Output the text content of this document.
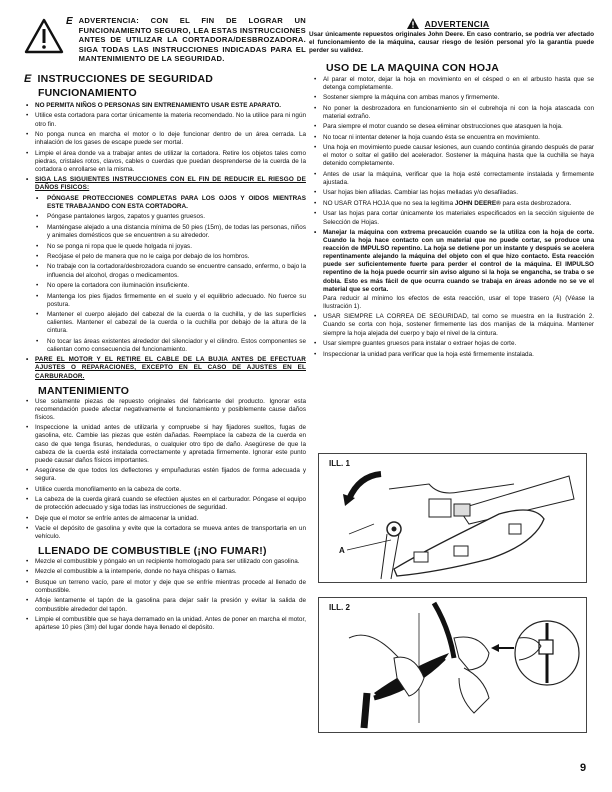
E ADVERTENCIA: CON EL FIN DE LOGRAR UN FUNCIONAMIENTO SEGURO, LEA ESTAS INSTRUCCIONES ANTES DE UTILIZAR LA CORTADORA/DESBROZADORA. SIGA TODAS LAS INSTRUCCIONES INDICADAS PARA EL MANTENIMIENTO DE LA SEGURIDAD.
E INSTRUCCIONES DE SEGURIDAD
FUNCIONAMIENTO
• NO PERMITA NIÑOS O PERSONAS SIN ENTRENAMIENTO USAR ESTE APARATO.
• Utilice esta cortadora para cortar únicamente la materia recomendado. No la utilice para ni ngún otro fin.
• No ponga nunca en marcha el motor o lo deje funcionar dentro de un área cerrada. La inhalación de los gases de escape puede ser mortal.
• Limpie el área donde va a trabajar antes de utilizar la cortadora. Retire los objetos tales como piedras, cristales rotos, clavos, cables o cuerdas que puedan desprenderse de la cuerda de la cortadora o enrollarse en la misma.
• SIGA LAS SIGUIENTES INSTRUCCIONES CON EL FIN DE REDUCIR EL RIESGO DE DAÑOS FISICOS:
• PÓNGASE PROTECCIONES COMPLETAS PARA LOS OJOS Y OIDOS MIENTRAS ESTE TRABAJANDO CON ESTA CORTADORA.
• Póngase pantalones largos, zapatos y guantes gruesos.
• Manténgase alejado a una distancia mínima de 50 pies (15m), de todas las personas, niños y animales domésticos que se encuentren a su alrededor.
• No se ponga ni ropa que le quede holgada ni joyas.
• Recójase el pelo de manera que no le caiga por debajo de los hombros.
• No trabaje con la cortadora/desbrozadora cuando se encuentre cansado, enfermo, o bajo la influencia del alcohol, drogas o medicamentos.
• No opere la cortadora con iluminación insuficiente.
• Mantenga los pies fijados firmemente en el suelo y el equilibrio adecuado. No fuerce su postura.
• Mantener el cuerpo alejado del cabezal de la cuerda o la cuchilla, y de las superficies calientes. Mantener el cabezal de la cuerda o la cuchilla por debajo de la altura de la cintura.
• No tocar las áreas existentes alrededor del silenciador y el cilindro. Estos componentes se calientan como consecuencia del funcionamiento.
• PARE EL MOTOR Y EL RETIRE EL CABLE DE LA BUJIA ANTES DE EFECTUAR AJUSTES O REPARACIONES, EXCEPTO EN EL CASO DE AJUSTES EN EL CARBURADOR.
MANTENIMIENTO
• Use solamente piezas de repuesto originales del fabricante del producto. Ignorar esta recomendación puede afectar negativamente el funcionamiento y posiblemente cause daños físicos.
• Inspeccione la unidad antes de utilizarla y compruebe si hay fijadores sueltos, fugas de gasolina, etc. Cambie las piezas que estén dañadas. Reemplace la cabeza de la cuerda en caso de que tenga fisuras, hendeduras, o cualquier otro tipo de daño. Asegúrese de que la cabeza de la cuerda esté instalada correctamente y apretada firmemente. Ignorar este punto puede causar daños físicos importantes.
• Asegúrese de que todos los deflectores y empuñaduras estén fijados de forma adecuada y segura.
• Utilice cuerda monofilamento en la cabeza de corte.
• La cabeza de la cuerda girará cuando se efectúen ajustes en el carburador. Póngase el equipo de protección adecuado y siga todas las instrucciones de seguridad.
• Deje que el motor se enfríe antes de almacenar la unidad.
• Vacíe el depósito de gasolina y evite que la cortadora se mueva antes de transportarla en un vehículo.
LLENADO DE COMBUSTIBLE (¡NO FUMAR!)
• Mezcle el combustible y póngalo en un recipiente homologado para ser utilizado con gasolina.
• Mezcle el combustible a la intemperie, donde no haya chispas o llamas.
• Busque un terreno vacío, pare el motor y deje que se enfríe mientras procede al llenado de combustible.
• Afloje lentamente el tapón de la gasolina para dejar salir la presión y evitar la salida de combustible alrededor del tapón.
• Limpie el combustible que se haya derramado en la unidad. Antes de poner en marcha el motor, apártese 10 pies (3m) del lugar donde haya llenado el depósito.
ADVERTENCIA
Usar únicamente repuestos originales John Deere. En caso contrario, se podría ver afectado el funcionamiento de la máquina, causar riesgo de lesión personal y/o la garantía puede perder su validez.
USO DE LA MAQUINA CON HOJA
• Al parar el motor, dejar la hoja en movimiento en el césped o en el arbusto hasta que se detenga completamente.
• Sostener siempre la máquina con ambas manos y firmemente.
• No poner la desbrozadora en funcionamiento sin el cubrehoja ni con la hoja atascada con material extraño.
• Para siempre el motor cuando se desea eliminar obstrucciones que atasquen la hoja.
• No tocar ni intentar detener la hoja cuando ésta se encuentra en movimiento.
• Una hoja en movimiento puede causar lesiones, aun cuando continúa girando después de parar el motor o soltar el gatillo del acelerador. Sostener la máquina hasta que la cuchilla se haya detenido completamente.
• Antes de usar la máquina, verificar que la hoja esté correctamente instalada y firmemente ajustada.
• Usar hojas bien afiladas. Cambiar las hojas melladas y/o desafiladas.
• NO USAR OTRA HOJA que no sea la legítima JOHN DEERE® para esta desbrozadora.
• Usar las hojas para cortar únicamente los materiales especificados en la sección siguiente de Selección de Hojas.
• Manejar la máquina con extrema precaución cuando se la utiliza con la hoja de corte. Cuando la hoja hace contacto con un material que no puede cortar, se produce una reacción de IMPULSO repentino. La hoja se detiene por un instante y después se acelera repentinamente alejando la máquina del objeto con el que hizo contacto. Esta reacción puede ser suficientemente fuerte para perder el control de la máquina. El IMPULSO repentino de la hoja puede ocurrir sin aviso alguno si la hoja se engancha, se traba o se dobla. Esto es más fácil de que ocurra cuando se trabaja en áreas adonde no se ve el material que se corta.
Para reducir al mínimo los efectos de esta reacción, usar el tope trasero (A) (Véase la Ilustración 1).
• USAR SIEMPRE LA CORREA DE SEGURIDAD, tal como se muestra en la Ilustración 2. Cuando se corta con hoja, sostener firmemente las dos manijas de la máquina. Mantener siempre la hoja alejada del cuerpo y bajo el nivel de la cintura.
• Usar siempre guantes gruesos para instalar o extraer hojas de corte.
• Inspeccionar la unidad para verificar que la hoja esté firmemente instalada.
ILL. 1
A
ILL. 2
9
